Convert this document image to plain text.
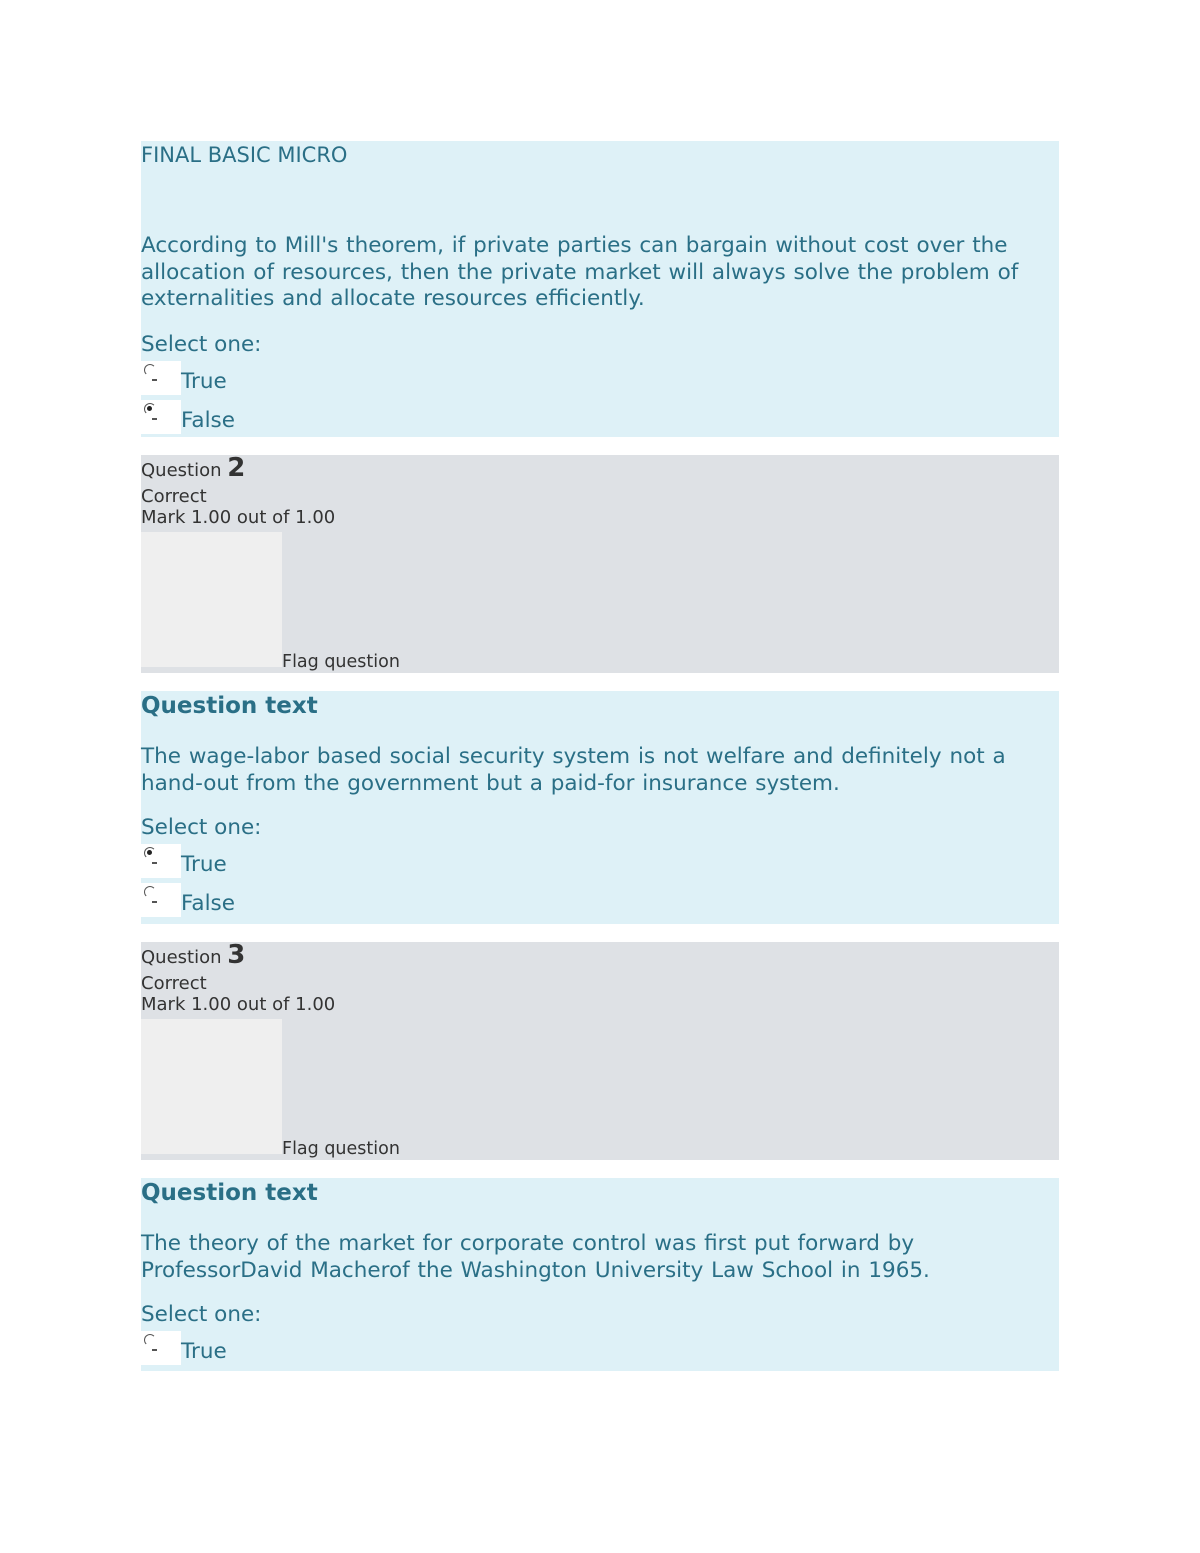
FINAL BASIC MICRO

According to Mill's theorem, if private parties can bargain without cost over the allocation of resources, then the private market will always solve the problem of externalities and allocate resources efficiently.

Select one:
True
False
Question 2
Correct
Mark 1.00 out of 1.00
Flag question
Question text

The wage-labor based social security system is not welfare and definitely not a hand-out from the government but a paid-for insurance system.

Select one:
True
False
Question 3
Correct
Mark 1.00 out of 1.00
Flag question
Question text

The theory of the market for corporate control was first put forward by ProfessorDavid Macherof the Washington University Law School in 1965.

Select one:
True
